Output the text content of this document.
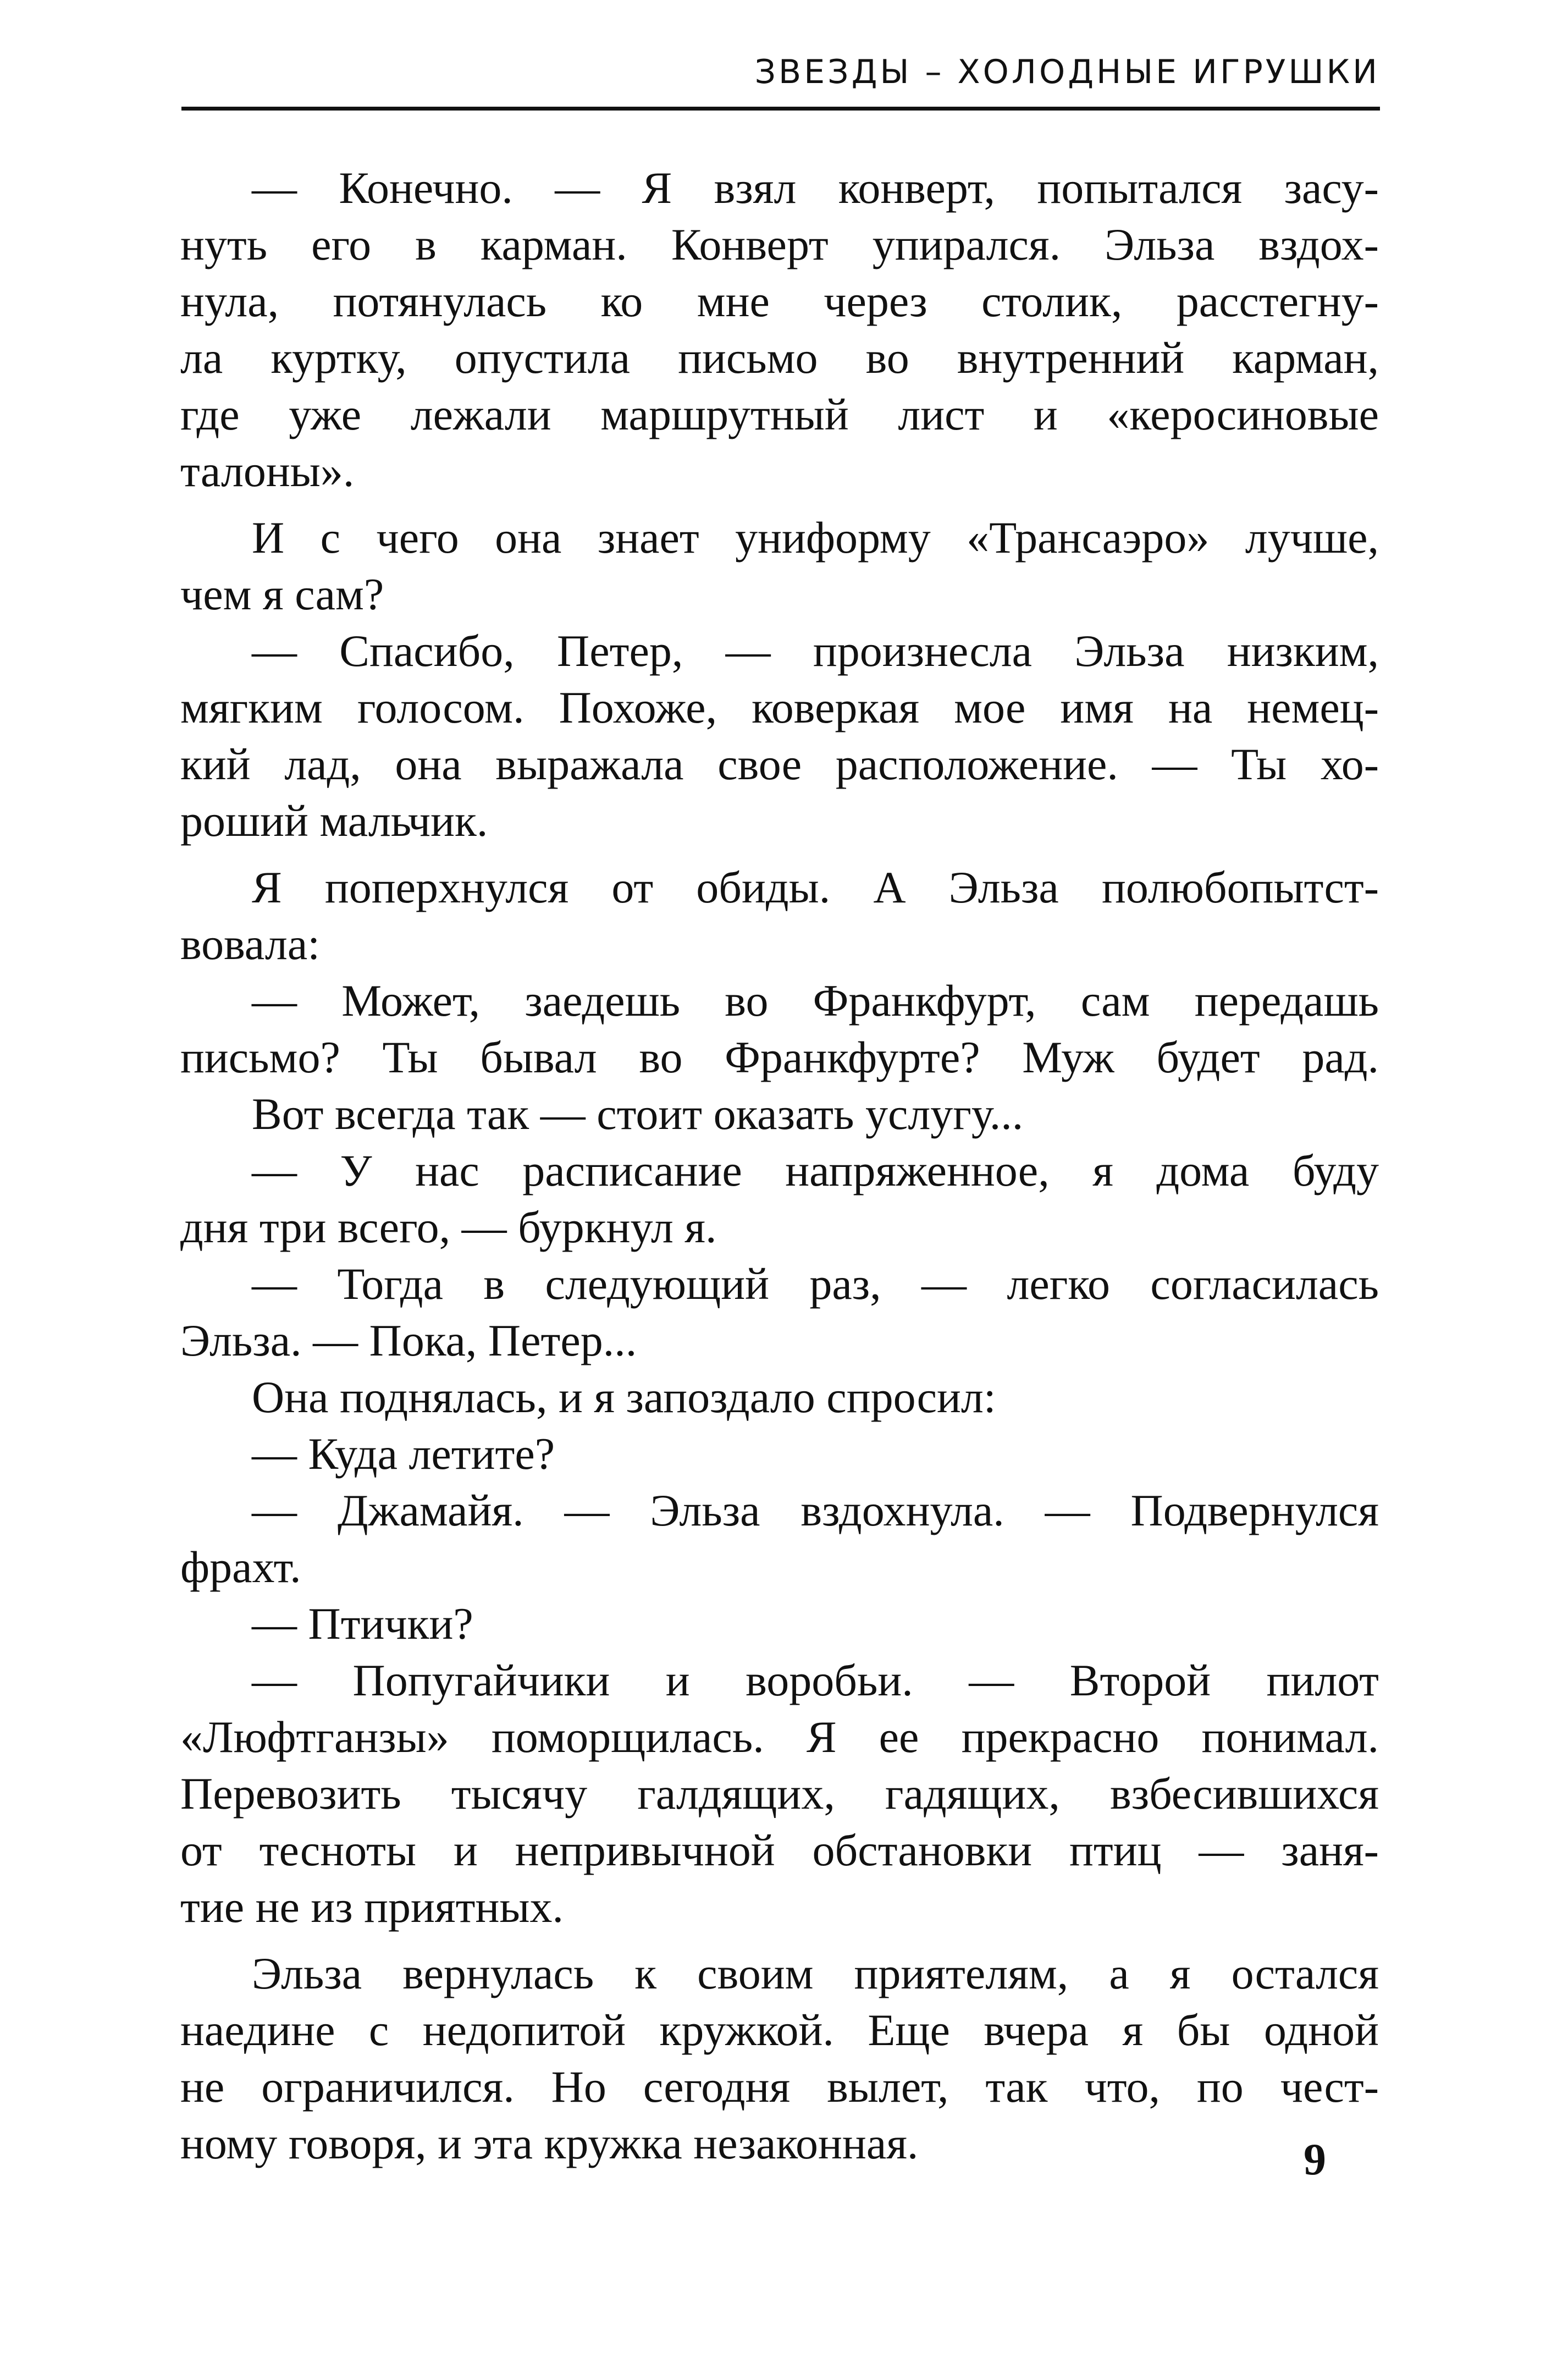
ЗВЕЗДЫ – ХОЛОДНЫЕ ИГРУШКИ
— Конечно. — Я взял конверт, попытался засу-
нуть его в карман. Конверт упирался. Эльза вздох-
нула, потянулась ко мне через столик, расстегну-
ла куртку, опустила письмо во внутренний карман,
где уже лежали маршрутный лист и «керосиновые
талоны».
И с чего она знает униформу «Трансаэро» лучше,
чем я сам?
— Спасибо, Петер, — произнесла Эльза низким,
мягким голосом. Похоже, коверкая мое имя на немец-
кий лад, она выражала свое расположение. — Ты хо-
роший мальчик.
Я поперхнулся от обиды. А Эльза полюбопытст-
вовала:
— Может, заедешь во Франкфурт, сам передашь
письмо? Ты бывал во Франкфурте? Муж будет рад.
Вот всегда так — стоит оказать услугу...
— У нас расписание напряженное, я дома буду
дня три всего, — буркнул я.
— Тогда в следующий раз, — легко согласилась
Эльза. — Пока, Петер...
Она поднялась, и я запоздало спросил:
— Куда летите?
— Джамайя. — Эльза вздохнула. — Подвернулся
фрахт.
— Птички?
— Попугайчики и воробьи. — Второй пилот
«Люфтганзы» поморщилась. Я ее прекрасно понимал.
Перевозить тысячу галдящих, гадящих, взбесившихся
от тесноты и непривычной обстановки птиц — заня-
тие не из приятных.
Эльза вернулась к своим приятелям, а я остался
наедине с недопитой кружкой. Еще вчера я бы одной
не ограничился. Но сегодня вылет, так что, по чест-
ному говоря, и эта кружка незаконная.	9
